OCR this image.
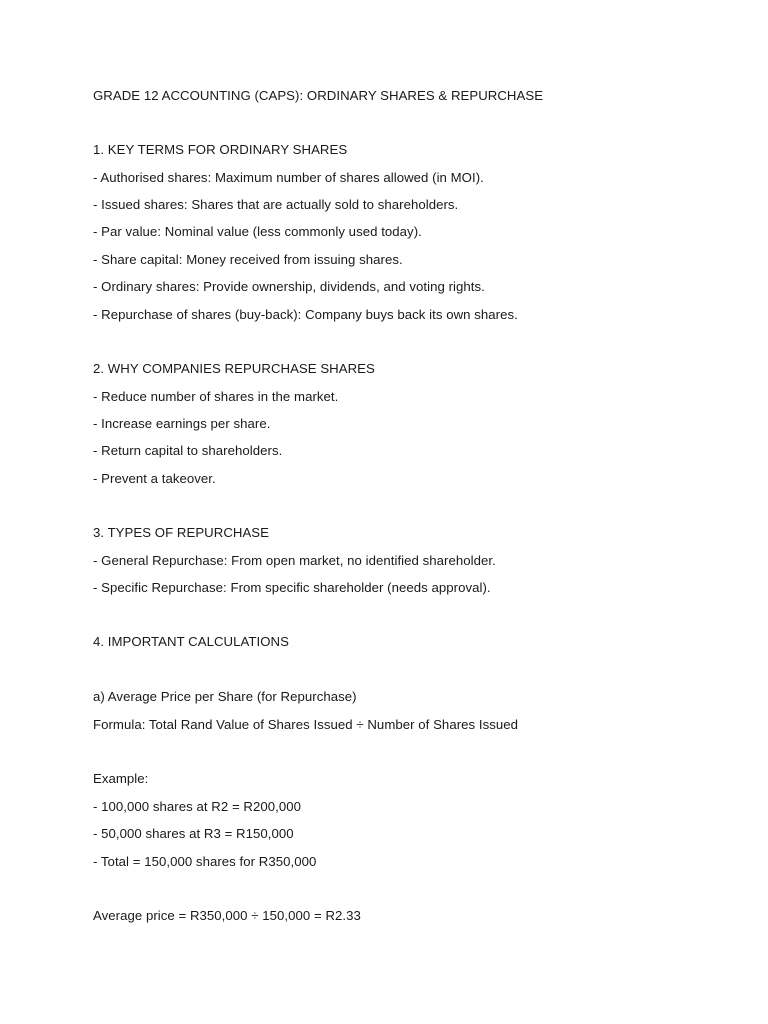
GRADE 12 ACCOUNTING (CAPS): ORDINARY SHARES & REPURCHASE
1. KEY TERMS FOR ORDINARY SHARES
- Authorised shares: Maximum number of shares allowed (in MOI).
- Issued shares: Shares that are actually sold to shareholders.
- Par value: Nominal value (less commonly used today).
- Share capital: Money received from issuing shares.
- Ordinary shares: Provide ownership, dividends, and voting rights.
- Repurchase of shares (buy-back): Company buys back its own shares.
2. WHY COMPANIES REPURCHASE SHARES
- Reduce number of shares in the market.
- Increase earnings per share.
- Return capital to shareholders.
- Prevent a takeover.
3. TYPES OF REPURCHASE
- General Repurchase: From open market, no identified shareholder.
- Specific Repurchase: From specific shareholder (needs approval).
4. IMPORTANT CALCULATIONS
a) Average Price per Share (for Repurchase)
Formula: Total Rand Value of Shares Issued ÷ Number of Shares Issued
Example:
- 100,000 shares at R2 = R200,000
- 50,000 shares at R3 = R150,000
- Total = 150,000 shares for R350,000
Average price = R350,000 ÷ 150,000 = R2.33
